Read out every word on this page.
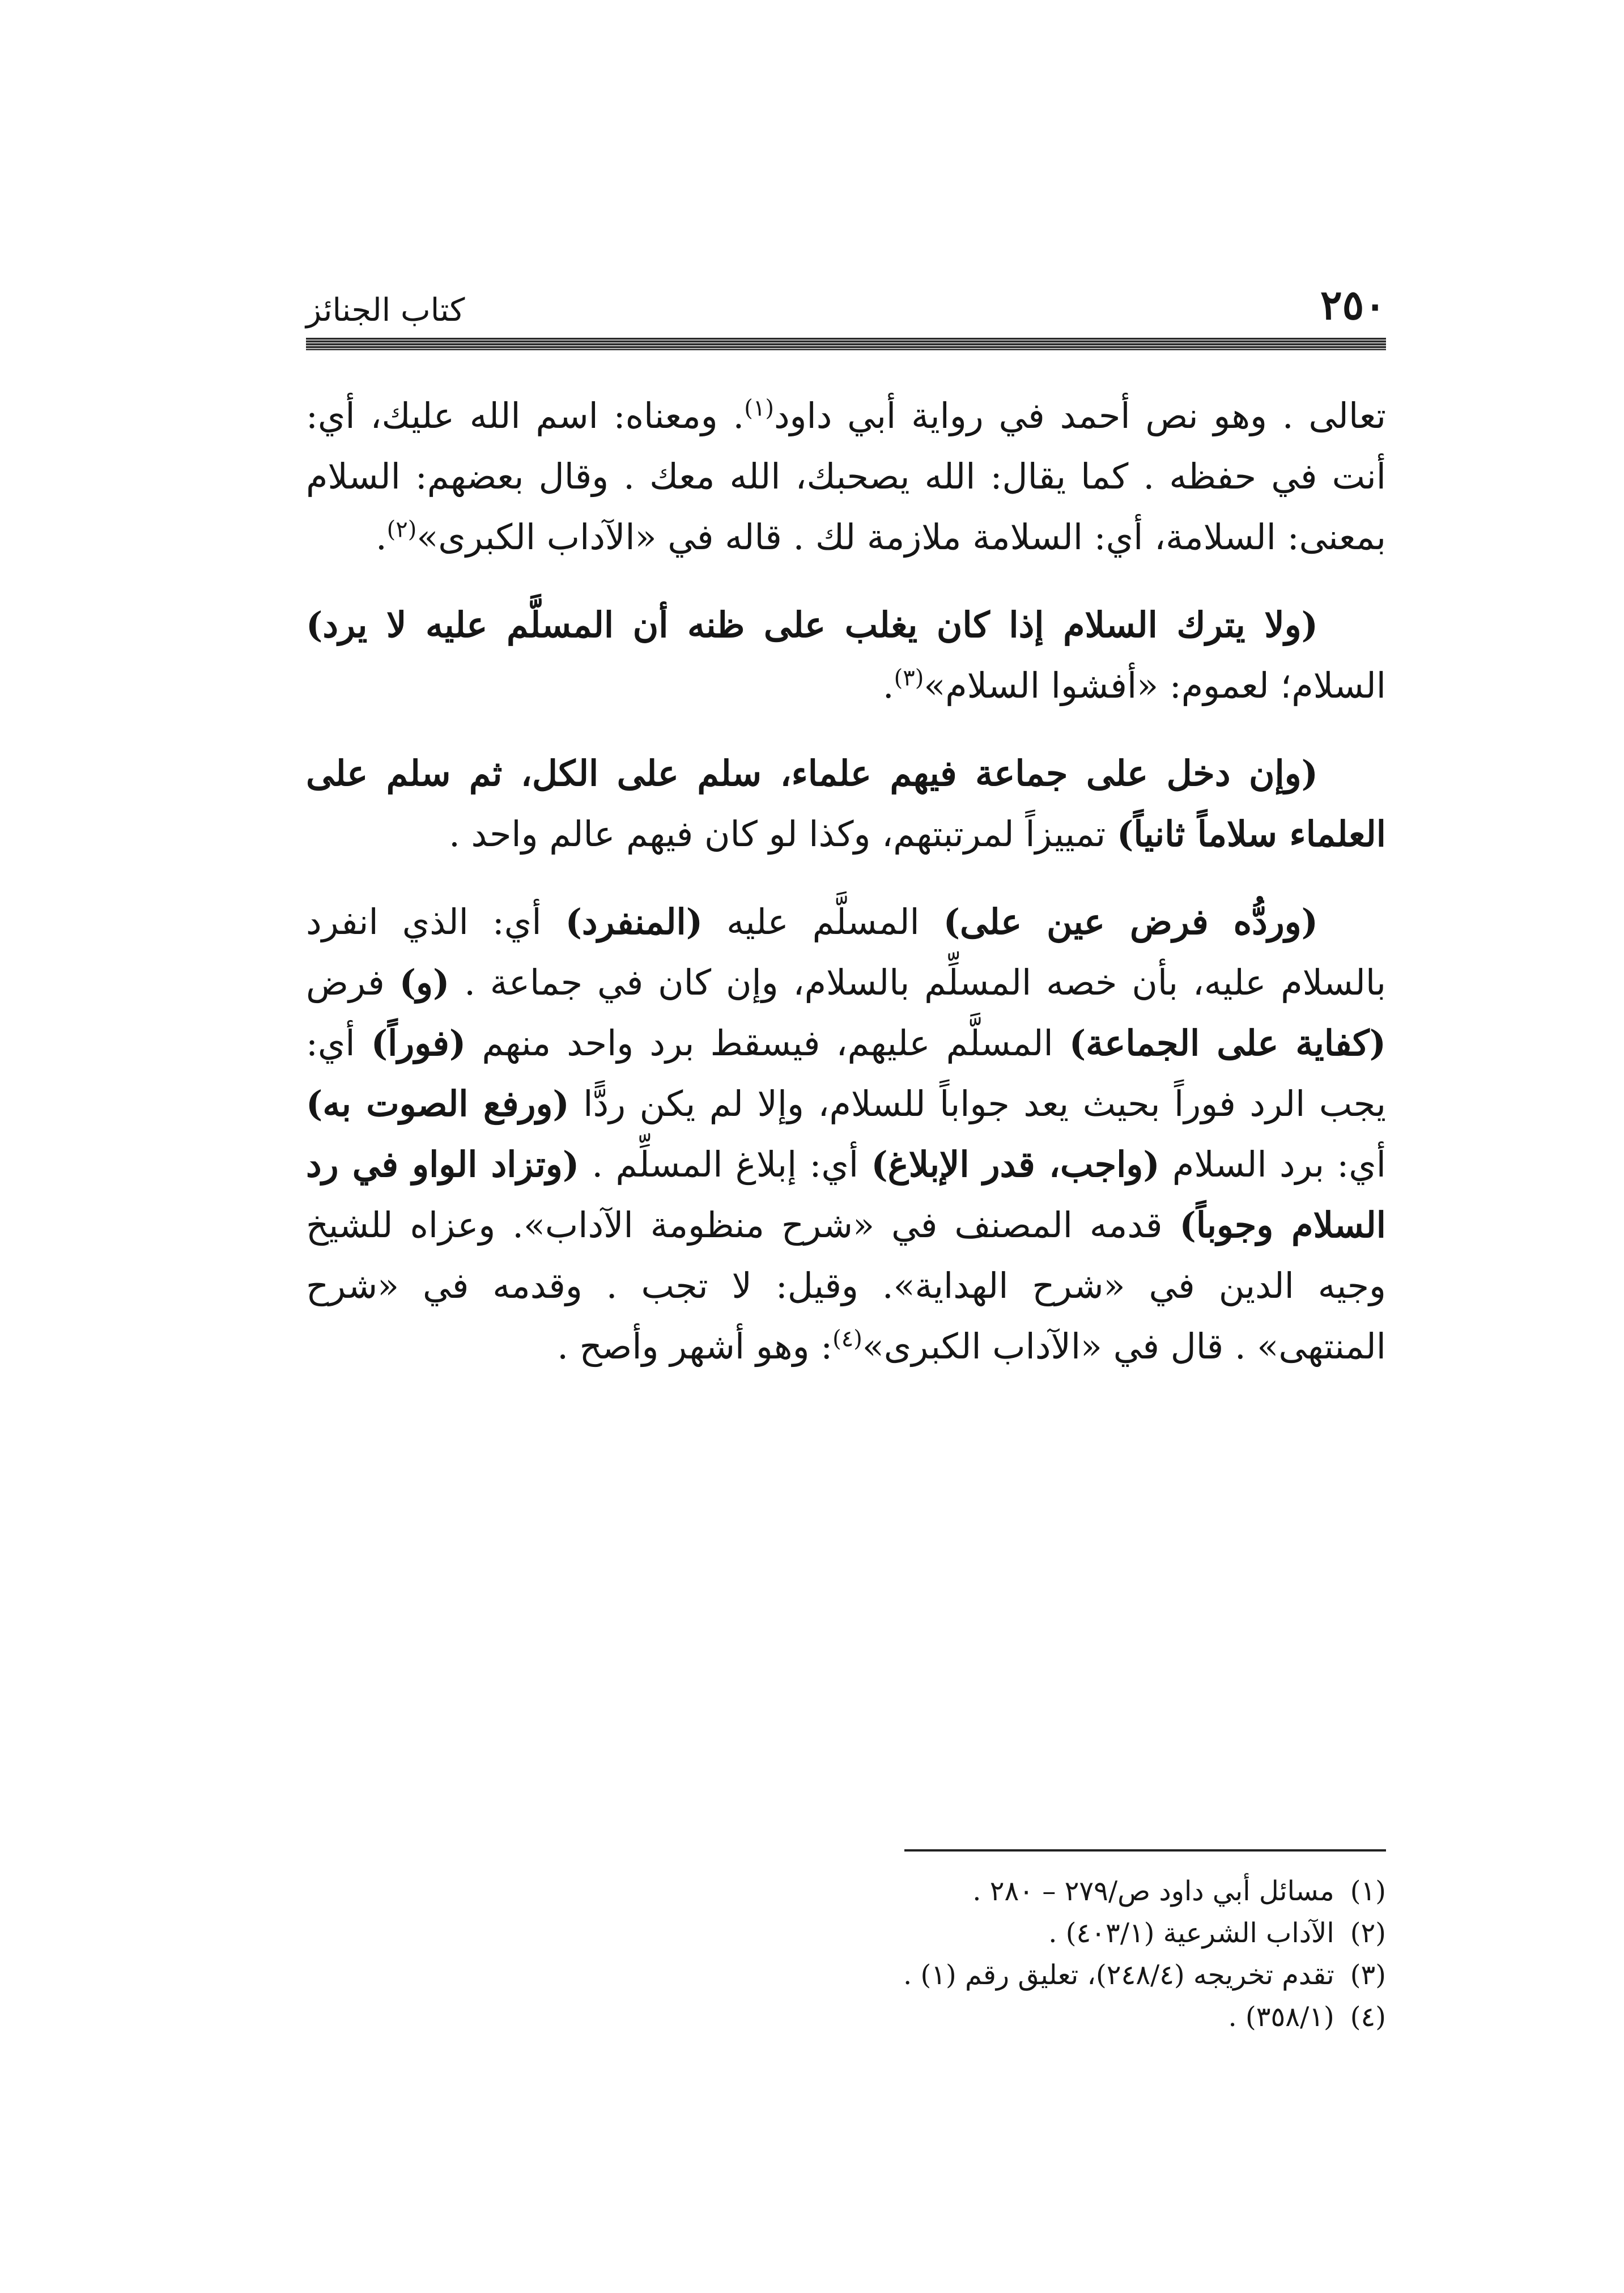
٢٥٠
كتاب الجنائز

تعالى . وهو نص أحمد في رواية أبي داود$^{(١)}$. ومعناه: اسم الله عليك، أي: أنت في حفظه . كما يقال: الله يصحبك، الله معك . وقال بعضهم: السلام بمعنى: السلامة، أي: السلامة ملازمة لك . قاله في «الآداب الكبرى»$^{(٢)}$.

(ولا يترك السلام إذا كان يغلب على ظنه أن المسلَّم عليه لا يرد) السلام؛ لعموم: «أفشوا السلام»$^{(٣)}$.

(وإن دخل على جماعة فيهم علماء، سلم على الكل، ثم سلم على العلماء سلاماً ثانياً) تمييزاً لمرتبتهم، وكذا لو كان فيهم عالم واحد .

(وردُّه فرض عين على) المسلَّم عليه (المنفرد) أي: الذي انفرد بالسلام عليه، بأن خصه المسلِّم بالسلام، وإن كان في جماعة . (و) فرض (كفاية على الجماعة) المسلَّم عليهم، فيسقط برد واحد منهم (فوراً) أي: يجب الرد فوراً بحيث يعد جواباً للسلام، وإلا لم يكن ردًّا (ورفع الصوت به) أي: برد السلام (واجب، قدر الإبلاغ) أي: إبلاغ المسلِّم . (وتزاد الواو في رد السلام وجوباً) قدمه المصنف في «شرح منظومة الآداب». وعزاه للشيخ وجيه الدين في «شرح الهداية». وقيل: لا تجب . وقدمه في «شرح المنتهى» . قال في «الآداب الكبرى»$^{(٤)}$: وهو أشهر وأصح .

(١)مسائل أبي داود ص/٢٧٩ – ٢٨٠ .

(٢)الآداب الشرعية (٤٠٣/١) .

(٣)تقدم تخريجه (٢٤٨/٤)، تعليق رقم (١) .

(٤)(٣٥٨/١) .
